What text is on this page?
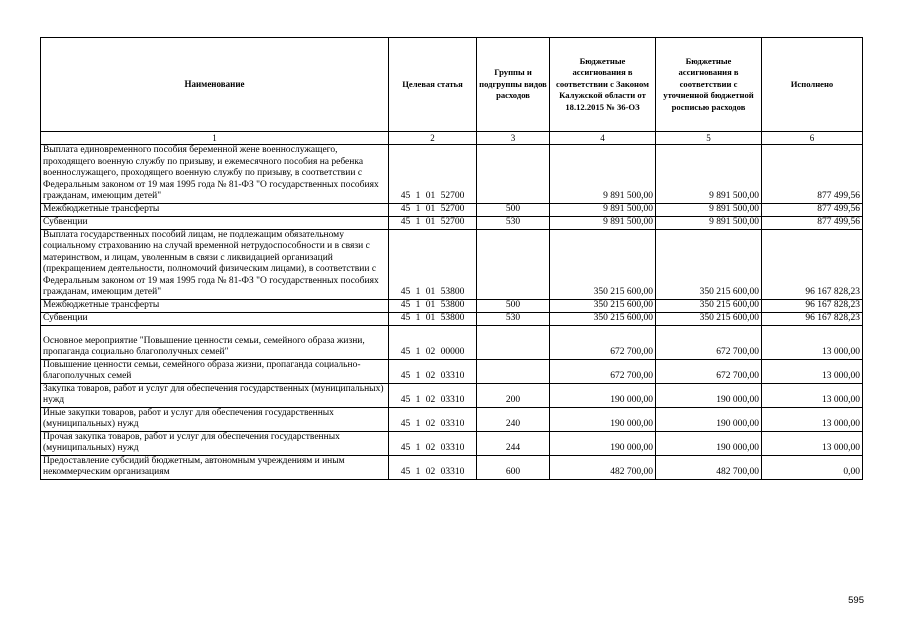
Наименование	Целевая статья	Группы и подгруппы видов расходов	Бюджетные ассигнования в соответствии с Законом Калужской области от 18.12.2015 № 36-ОЗ	Бюджетные ассигнования в соответствии с уточненной бюджетной росписью расходов	Исполнено
1	2	3	4	5	6
Выплата единовременного пособия беременной жене военнослужащего, проходящего военную службу по призыву, и ежемесячного пособия на ребенка военнослужащего, проходящего военную службу по призыву, в соответствии с Федеральным законом от 19 мая 1995 года № 81-ФЗ "О государственных пособиях гражданам, имеющим детей"	45 1 01 52700		9 891 500,00	9 891 500,00	877 499,56
Межбюджетные трансферты	45 1 01 52700	500	9 891 500,00	9 891 500,00	877 499,56
Субвенции	45 1 01 52700	530	9 891 500,00	9 891 500,00	877 499,56
Выплата государственных пособий лицам, не подлежащим обязательному социальному страхованию на случай временной нетрудоспособности и в связи с материнством, и лицам, уволенным в связи с ликвидацией организаций (прекращением деятельности, полномочий физическим лицами), в соответствии с Федеральным законом от 19 мая 1995 года № 81-ФЗ "О государственных пособиях гражданам, имеющим детей"	45 1 01 53800		350 215 600,00	350 215 600,00	96 167 828,23
Межбюджетные трансферты	45 1 01 53800	500	350 215 600,00	350 215 600,00	96 167 828,23
Субвенции	45 1 01 53800	530	350 215 600,00	350 215 600,00	96 167 828,23
Основное мероприятие "Повышение ценности семьи, семейного образа жизни, пропаганда социально благополучных семей"	45 1 02 00000		672 700,00	672 700,00	13 000,00
Повышение ценности семьи, семейного образа жизни, пропаганда социально-благополучных семей	45 1 02 03310		672 700,00	672 700,00	13 000,00
Закупка товаров, работ и услуг для обеспечения государственных (муниципальных) нужд	45 1 02 03310	200	190 000,00	190 000,00	13 000,00
Иные закупки товаров, работ и услуг для обеспечения государственных (муниципальных) нужд	45 1 02 03310	240	190 000,00	190 000,00	13 000,00
Прочая закупка товаров, работ и услуг для обеспечения государственных (муниципальных) нужд	45 1 02 03310	244	190 000,00	190 000,00	13 000,00
Предоставление субсидий бюджетным, автономным учреждениям и иным некоммерческим организациям	45 1 02 03310	600	482 700,00	482 700,00	0,00
595
